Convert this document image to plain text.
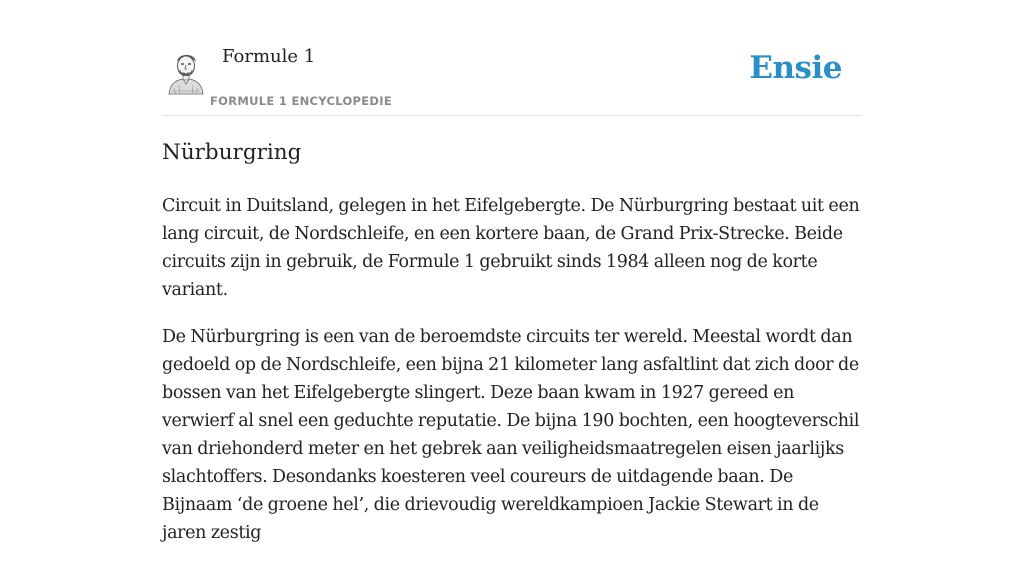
Formule 1
FORMULE 1 ENCYCLOPEDIE
Ensie
Nürburgring

Circuit in Duitsland, gelegen in het Eifelgebergte. De Nürburgring bestaat uit een lang circuit, de Nordschleife, en een kortere baan, de Grand Prix-Strecke. Beide circuits zijn in gebruik, de Formule 1 gebruikt sinds 1984 alleen nog de korte variant.

De Nürburgring is een van de beroemdste circuits ter wereld. Meestal wordt dan gedoeld op de Nordschleife, een bijna 21 kilometer lang asfaltlint dat zich door de bossen van het Eifelgebergte slingert. Deze baan kwam in 1927 gereed en verwierf al snel een geduchte reputatie. De bijna 190 bochten, een hoogteverschil van driehonderd meter en het gebrek aan veiligheidsmaatregelen eisen jaarlijks slachtoffers. Desondanks koesteren veel coureurs de uitdagende baan. De Bijnaam ‘de groene hel’, die drievoudig wereldkampioen Jackie Stewart in de jaren zestig
